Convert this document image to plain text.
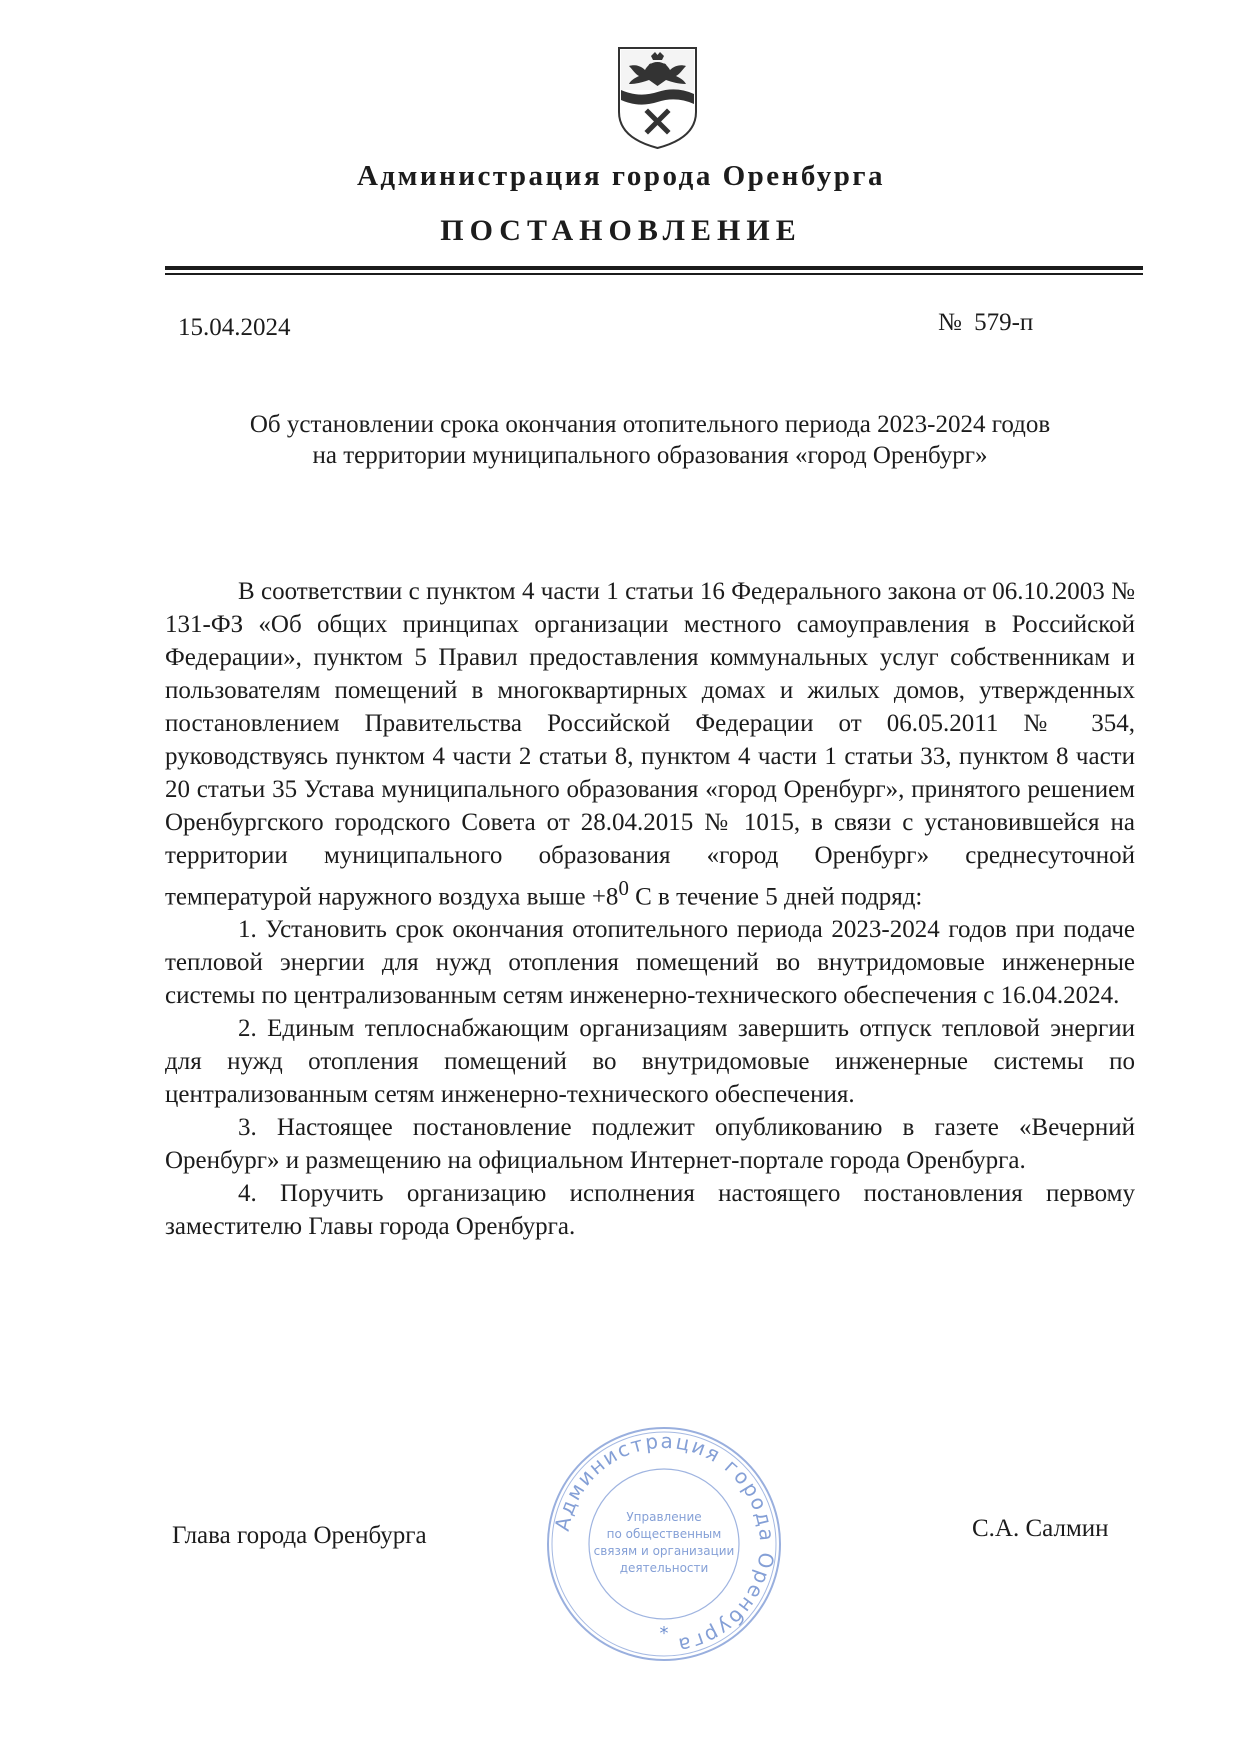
Администрация города Оренбурга
ПОСТАНОВЛЕНИЕ
15.04.2024	№ 579-п
Об установлении срока окончания отопительного периода 2023-2024 годов
на территории муниципального образования «город Оренбург»

В соответствии с пунктом 4 части 1 статьи 16 Федерального закона от 06.10.2003 № 131-ФЗ «Об общих принципах организации местного самоуправления в Российской Федерации», пунктом 5 Правил предоставления коммунальных услуг собственникам и пользователям помещений в многоквартирных домах и жилых домов, утвержденных постановлением Правительства Российской Федерации от 06.05.2011 № 354, руководствуясь пунктом 4 части 2 статьи 8, пунктом 4 части 1 статьи 33, пунктом 8 части 20 статьи 35 Устава муниципального образования «город Оренбург», принятого решением Оренбургского городского Совета от 28.04.2015 № 1015, в связи с установившейся на территории муниципального образования «город Оренбург» среднесуточной температурой наружного воздуха выше $+8^0$ С в течение 5 дней подряд:

1. Установить срок окончания отопительного периода 2023-2024 годов при подаче тепловой энергии для нужд отопления помещений во внутридомовые инженерные системы по централизованным сетям инженерно-технического обеспечения с 16.04.2024.

2. Единым теплоснабжающим организациям завершить отпуск тепловой энергии для нужд отопления помещений во внутридомовые инженерные системы по централизованным сетям инженерно-технического обеспечения.

3. Настоящее постановление подлежит опубликованию в газете «Вечерний Оренбург» и размещению на официальном Интернет-портале города Оренбурга.

4. Поручить организацию исполнения настоящего постановления первому заместителю Главы города Оренбурга.

Глава города Оренбурга	С.А. Салмин
Администрация города Оренбурга
Управление
по общественным
связям и организации
деятельности
*
